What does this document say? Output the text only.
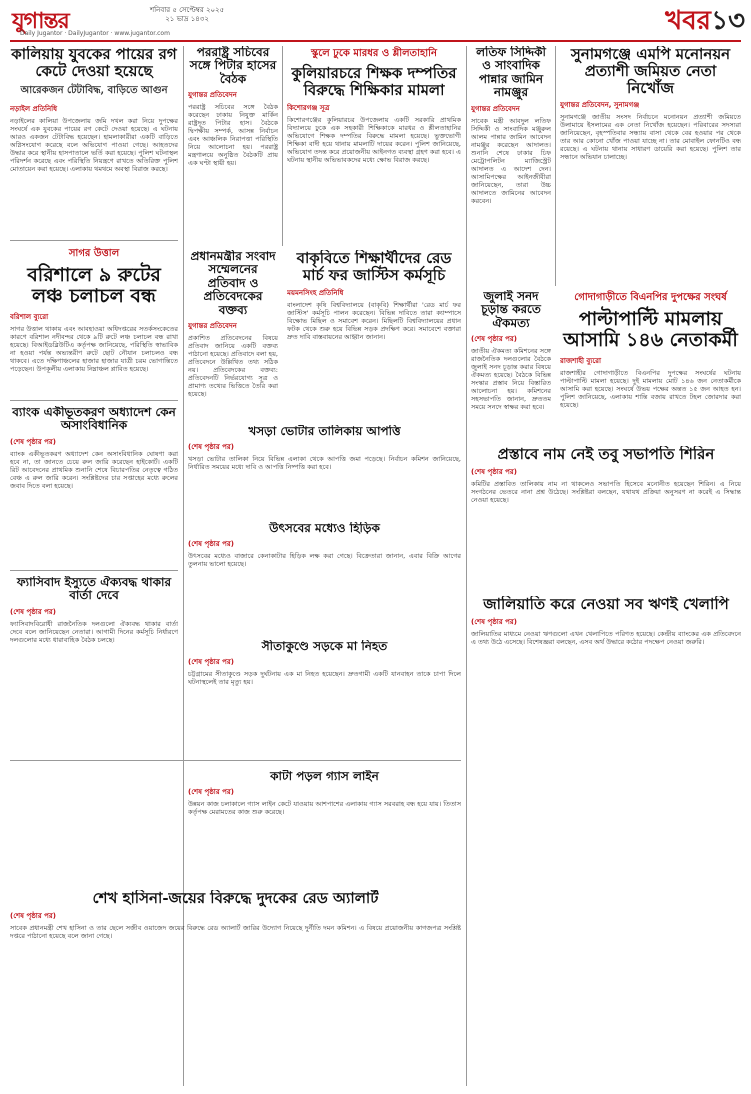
যুগান্তর	শনিবার ৫ সেপ্টেম্বর ২০২৫
২১ ভাদ্র ১৪৩২	খবর ১৩
Daily Jugantor · DailyJugantor · www.jugantor.com
কালিয়ায় যুবকের পায়ের রগ কেটে দেওয়া হয়েছে
আরেকজন টেটাবিদ্ধ, বাড়িতে আগুন
নড়াইল প্রতিনিধি
নড়াইলের কালিয়া উপজেলায় জমি দখল করা নিয়ে দুপক্ষের সংঘর্ষে এক যুবকের পায়ের রগ কেটে দেওয়া হয়েছে। এ ঘটনায় আরও একজন টেটাবিদ্ধ হয়েছেন। হামলাকারীরা একটি বাড়িতে অগ্নিসংযোগ করেছে বলে অভিযোগ পাওয়া গেছে। আহতদের উদ্ধার করে স্থানীয় হাসপাতালে ভর্তি করা হয়েছে। পুলিশ ঘটনাস্থল পরিদর্শন করেছে এবং পরিস্থিতি নিয়ন্ত্রণে রাখতে অতিরিক্ত পুলিশ মোতায়েন করা হয়েছে। এলাকায় থমথমে অবস্থা বিরাজ করছে।
পররাষ্ট্র সচিবের সঙ্গে পিটার হাসের বৈঠক
যুগান্তর প্রতিবেদন
পররাষ্ট্র সচিবের সঙ্গে বৈঠক করেছেন ঢাকায় নিযুক্ত মার্কিন রাষ্ট্রদূত পিটার হাস। বৈঠকে দ্বিপক্ষীয় সম্পর্ক, আসন্ন নির্বাচন এবং আঞ্চলিক নিরাপত্তা পরিস্থিতি নিয়ে আলোচনা হয়। পররাষ্ট্র মন্ত্রণালয়ে অনুষ্ঠিত বৈঠকটি প্রায় এক ঘণ্টা স্থায়ী হয়।
স্কুলে ঢুকে মারধর ও শ্লীলতাহানি
কুলিয়ারচরে শিক্ষক দম্পতির বিরুদ্ধে শিক্ষিকার মামলা
কিশোরগঞ্জ সূত্র
কিশোরগঞ্জের কুলিয়ারচর উপজেলায় একটি সরকারি প্রাথমিক বিদ্যালয়ে ঢুকে এক সহকারী শিক্ষিকাকে মারধর ও শ্লীলতাহানির অভিযোগে শিক্ষক দম্পতির বিরুদ্ধে মামলা হয়েছে। ভুক্তভোগী শিক্ষিকা বাদী হয়ে থানায় মামলাটি দায়ের করেন। পুলিশ জানিয়েছে, অভিযোগ তদন্ত করে প্রয়োজনীয় আইনগত ব্যবস্থা গ্রহণ করা হবে। এ ঘটনায় স্থানীয় অভিভাবকদের মধ্যে ক্ষোভ বিরাজ করছে।
লতিফ সিদ্দিকী ও সাংবাদিক পান্নার জামিন নামঞ্জুর
যুগান্তর প্রতিবেদন
সাবেক মন্ত্রী আবদুল লতিফ সিদ্দিকী ও সাংবাদিক মঞ্জুরুল আলম পান্নার জামিন আবেদন নামঞ্জুর করেছেন আদালত। শুনানি শেষে ঢাকার চিফ মেট্রোপলিটন ম্যাজিস্ট্রেট আদালত এ আদেশ দেন। আসামিপক্ষের আইনজীবীরা জানিয়েছেন, তারা উচ্চ আদালতে জামিনের আবেদন করবেন।
সুনামগঞ্জে এমপি মনোনয়ন প্রত্যাশী জমিয়ত নেতা নিখোঁজ
যুগান্তর প্রতিবেদন, সুনামগঞ্জ
সুনামগঞ্জে জাতীয় সংসদ নির্বাচনে মনোনয়ন প্রত্যাশী জমিয়তে উলামায়ে ইসলামের এক নেতা নিখোঁজ হয়েছেন। পরিবারের সদস্যরা জানিয়েছেন, বৃহস্পতিবার সন্ধ্যায় বাসা থেকে বের হওয়ার পর থেকে তার আর কোনো খোঁজ পাওয়া যাচ্ছে না। তার মোবাইল ফোনটিও বন্ধ রয়েছে। এ ঘটনায় থানায় সাধারণ ডায়েরি করা হয়েছে। পুলিশ তার সন্ধানে অভিযান চালাচ্ছে।
সাগর উত্তাল
বরিশালে ৯ রুটের লঞ্চ চলাচল বন্ধ
বরিশাল ব্যুরো
সাগর উত্তাল থাকায় এবং আবহাওয়া অধিদপ্তরের সতর্কসংকেতের কারণে বরিশাল নদীবন্দর থেকে ৯টি রুটে লঞ্চ চলাচল বন্ধ রাখা হয়েছে। বিআইডব্লিউটিএ কর্তৃপক্ষ জানিয়েছে, পরিস্থিতি স্বাভাবিক না হওয়া পর্যন্ত অভ্যন্তরীণ রুটে ছোট নৌযান চলাচলও বন্ধ থাকবে। এতে দক্ষিণাঞ্চলের হাজার হাজার যাত্রী চরম ভোগান্তিতে পড়েছেন। উপকূলীয় এলাকায় নিম্নাঞ্চল প্লাবিত হয়েছে।
প্রধানমন্ত্রীর সংবাদ সম্মেলনের প্রতিবাদ ও প্রতিবেদকের বক্তব্য
যুগান্তর প্রতিবেদন
প্রকাশিত প্রতিবেদনের বিষয়ে প্রতিবাদ জানিয়ে একটি বক্তব্য পাঠানো হয়েছে। প্রতিবাদে বলা হয়, প্রতিবেদনে উল্লিখিত তথ্য সঠিক নয়। প্রতিবেদকের বক্তব্য: প্রতিবেদনটি নির্ভরযোগ্য সূত্র ও প্রামাণ্য তথ্যের ভিত্তিতে তৈরি করা হয়েছে।
বাকৃবিতে শিক্ষার্থীদের রেড মার্চ ফর জাস্টিস কর্মসূচি
ময়মনসিংহ প্রতিনিধি
বাংলাদেশ কৃষি বিশ্ববিদ্যালয়ে (বাকৃবি) শিক্ষার্থীরা 'রেড মার্চ ফর জাস্টিস' কর্মসূচি পালন করেছেন। বিভিন্ন দাবিতে তারা ক্যাম্পাসে বিক্ষোভ মিছিল ও সমাবেশ করেন। মিছিলটি বিশ্ববিদ্যালয়ের প্রধান ফটক থেকে শুরু হয়ে বিভিন্ন সড়ক প্রদক্ষিণ করে। সমাবেশে বক্তারা দ্রুত দাবি বাস্তবায়নের আহ্বান জানান।
জুলাই সনদ চূড়ান্ত করতে ঐকমত্য
(শেষ পৃষ্ঠার পর)
জাতীয় ঐকমত্য কমিশনের সঙ্গে রাজনৈতিক দলগুলোর বৈঠকে জুলাই সনদ চূড়ান্ত করার বিষয়ে ঐকমত্য হয়েছে। বৈঠকে বিভিন্ন সংস্কার প্রস্তাব নিয়ে বিস্তারিত আলোচনা হয়। কমিশনের সহসভাপতি জানান, দ্রুততম সময়ে সনদে স্বাক্ষর করা হবে।
গোদাগাড়ীতে বিএনপির দুপক্ষের সংঘর্ষ
পাল্টাপাল্টি মামলায় আসামি ১৪৬ নেতাকর্মী
রাজশাহী ব্যুরো
রাজশাহীর গোদাগাড়ীতে বিএনপির দুপক্ষের সংঘর্ষের ঘটনায় পাল্টাপাল্টি মামলা হয়েছে। দুই মামলায় মোট ১৪৬ জন নেতাকর্মীকে আসামি করা হয়েছে। সংঘর্ষে উভয় পক্ষের অন্তত ১৫ জন আহত হন। পুলিশ জানিয়েছে, এলাকায় শান্তি বজায় রাখতে টহল জোরদার করা হয়েছে।
ব্যাংক একীভূতকরণ অধ্যাদেশ কেন অসাংবিধানিক
(শেষ পৃষ্ঠার পর)
ব্যাংক একীভূতকরণ অধ্যাদেশ কেন অসাংবিধানিক ঘোষণা করা হবে না, তা জানতে চেয়ে রুল জারি করেছেন হাইকোর্ট। একটি রিট আবেদনের প্রাথমিক শুনানি শেষে বিচারপতির নেতৃত্বে গঠিত বেঞ্চ এ রুল জারি করেন। সংশ্লিষ্টদের চার সপ্তাহের মধ্যে রুলের জবাব দিতে বলা হয়েছে।
খসড়া ভোটার তালিকায় আপত্তি
(শেষ পৃষ্ঠার পর)
খসড়া ভোটার তালিকা নিয়ে বিভিন্ন এলাকা থেকে আপত্তি জমা পড়েছে। নির্বাচন কমিশন জানিয়েছে, নির্ধারিত সময়ের মধ্যে দাবি ও আপত্তি নিষ্পত্তি করা হবে।
প্রস্তাবে নাম নেই তবু সভাপতি শিরিন
(শেষ পৃষ্ঠার পর)
কমিটির প্রস্তাবিত তালিকায় নাম না থাকলেও সভাপতি হিসেবে মনোনীত হয়েছেন শিরিন। এ নিয়ে সংগঠনের ভেতরে নানা প্রশ্ন উঠেছে। সংশ্লিষ্টরা বলছেন, যথাযথ প্রক্রিয়া অনুসরণ না করেই এ সিদ্ধান্ত নেওয়া হয়েছে।
উৎসবের মধ্যেও হিড়িক
(শেষ পৃষ্ঠার পর)
উৎসবের মধ্যেও বাজারে কেনাকাটার হিড়িক লক্ষ করা গেছে। বিক্রেতারা জানান, এবার বিক্রি আগের তুলনায় ভালো হয়েছে।
ফ্যাসিবাদ ইস্যুতে ঐক্যবদ্ধ থাকার বার্তা দেবে
(শেষ পৃষ্ঠার পর)
ফ্যাসিবাদবিরোধী রাজনৈতিক দলগুলো ঐক্যবদ্ধ থাকার বার্তা দেবে বলে জানিয়েছেন নেতারা। আগামী দিনের কর্মসূচি নির্ধারণে দলগুলোর মধ্যে ধারাবাহিক বৈঠক চলছে।
জালিয়াতি করে নেওয়া সব ঋণই খেলাপি
(শেষ পৃষ্ঠার পর)
জালিয়াতির মাধ্যমে নেওয়া ঋণগুলো এখন খেলাপিতে পরিণত হয়েছে। কেন্দ্রীয় ব্যাংকের এক প্রতিবেদনে এ তথ্য উঠে এসেছে। বিশেষজ্ঞরা বলছেন, এসব অর্থ উদ্ধারে কঠোর পদক্ষেপ নেওয়া জরুরি।
সীতাকুণ্ডে সড়কে মা নিহত
(শেষ পৃষ্ঠার পর)
চট্টগ্রামের সীতাকুণ্ডে সড়ক দুর্ঘটনায় এক মা নিহত হয়েছেন। দ্রুতগামী একটি যানবাহন তাকে চাপা দিলে ঘটনাস্থলেই তার মৃত্যু হয়।
কাটা পড়ল গ্যাস লাইন
(শেষ পৃষ্ঠার পর)
উন্নয়ন কাজ চলাকালে গ্যাস লাইন কেটে যাওয়ায় আশপাশের এলাকায় গ্যাস সরবরাহ বন্ধ হয়ে যায়। তিতাস কর্তৃপক্ষ মেরামতের কাজ শুরু করেছে।
শেখ হাসিনা-জয়ের বিরুদ্ধে দুদকের রেড অ্যালার্ট
(শেষ পৃষ্ঠার পর)
সাবেক প্রধানমন্ত্রী শেখ হাসিনা ও তার ছেলে সজীব ওয়াজেদ জয়ের বিরুদ্ধে রেড অ্যালার্ট জারির উদ্যোগ নিয়েছে দুর্নীতি দমন কমিশন। এ বিষয়ে প্রয়োজনীয় কাগজপত্র সংশ্লিষ্ট দপ্তরে পাঠানো হয়েছে বলে জানা গেছে।
